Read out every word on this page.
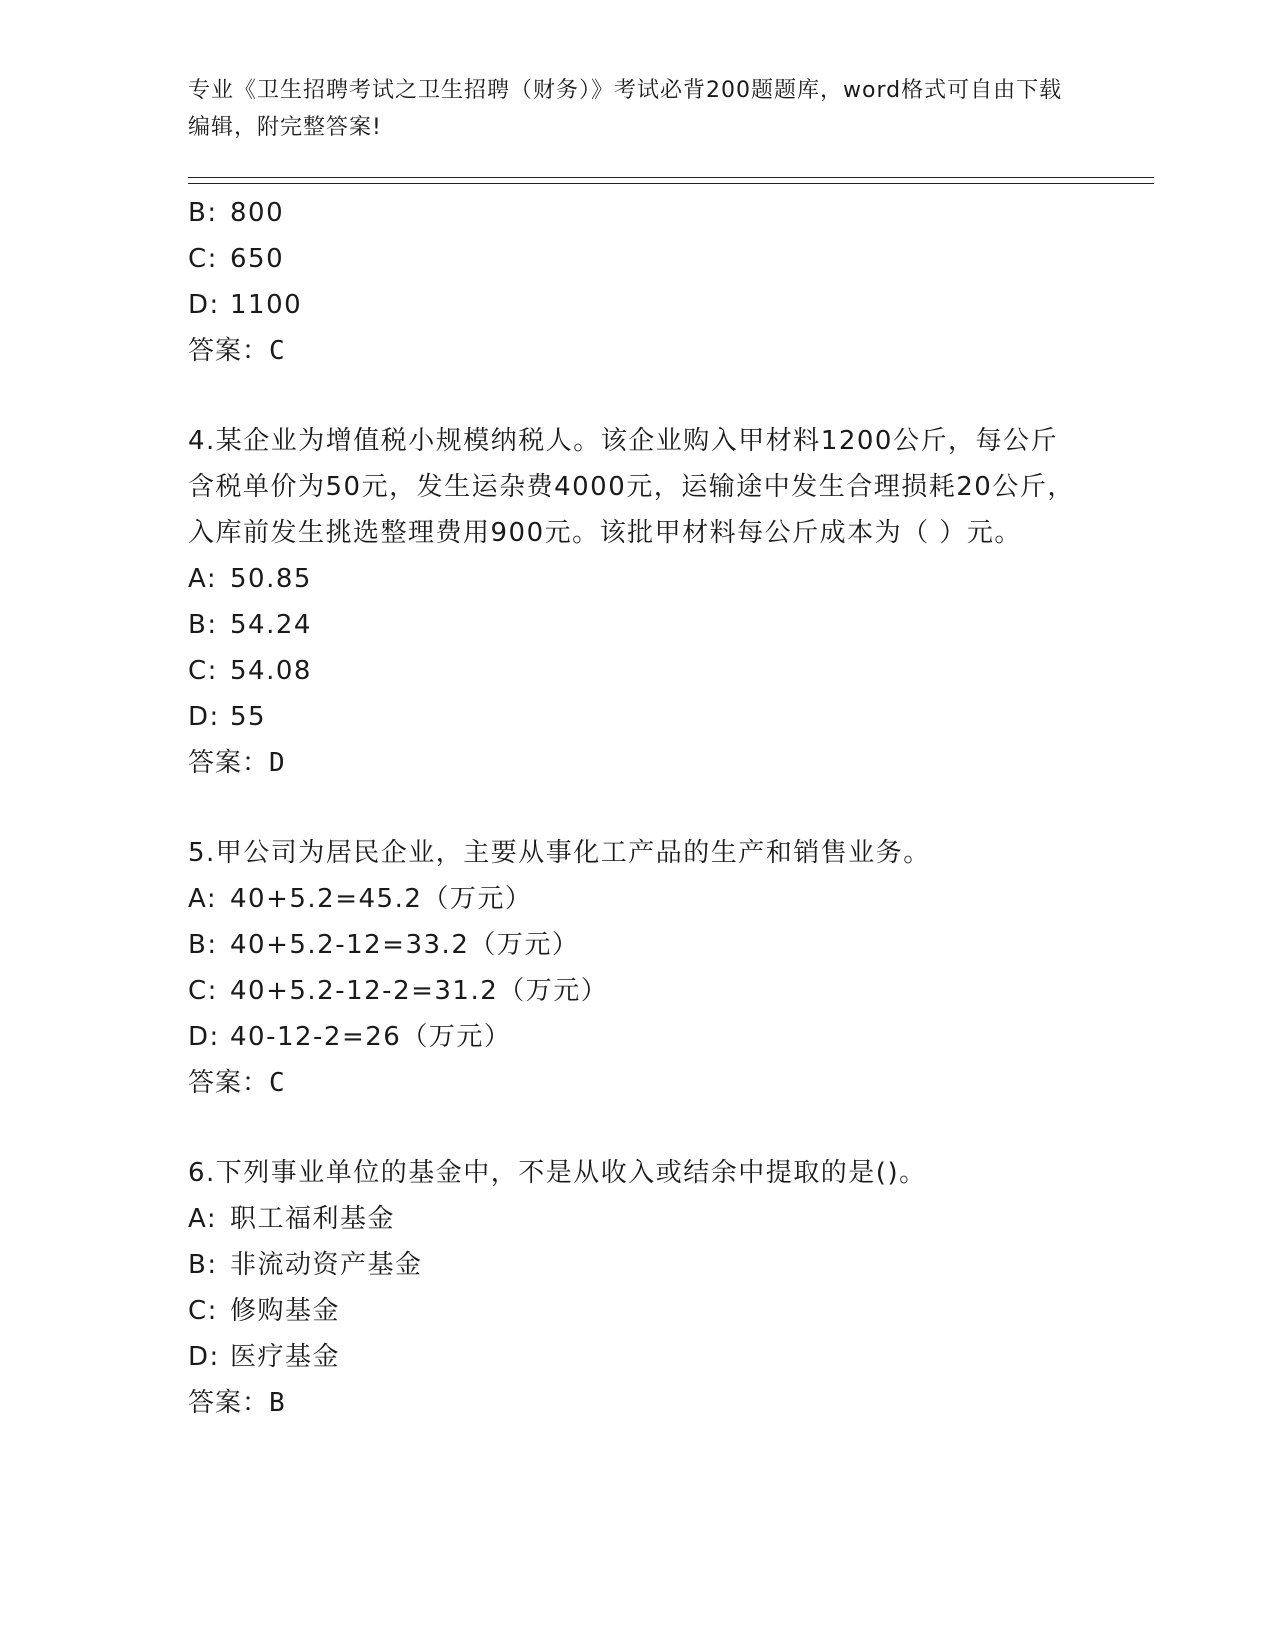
专业《卫生招聘考试之卫生招聘（财务）》考试必背200题题库，word格式可自由下载编辑，附完整答案!
B: 800
C: 650
D: 1100
答案：C
4.某企业为增值税小规模纳税人。该企业购入甲材料1200公斤，每公斤含税单价为50元，发生运杂费4000元，运输途中发生合理损耗20公斤，入库前发生挑选整理费用900元。该批甲材料每公斤成本为（ ）元。
A: 50.85
B: 54.24
C: 54.08
D: 55
答案：D
5.甲公司为居民企业，主要从事化工产品的生产和销售业务。
A: 40+5.2=45.2（万元）
B: 40+5.2-12=33.2（万元）
C: 40+5.2-12-2=31.2（万元）
D: 40-12-2=26（万元）
答案：C
6.下列事业单位的基金中，不是从收入或结余中提取的是()。
A: 职工福利基金
B: 非流动资产基金
C: 修购基金
D: 医疗基金
答案：B
